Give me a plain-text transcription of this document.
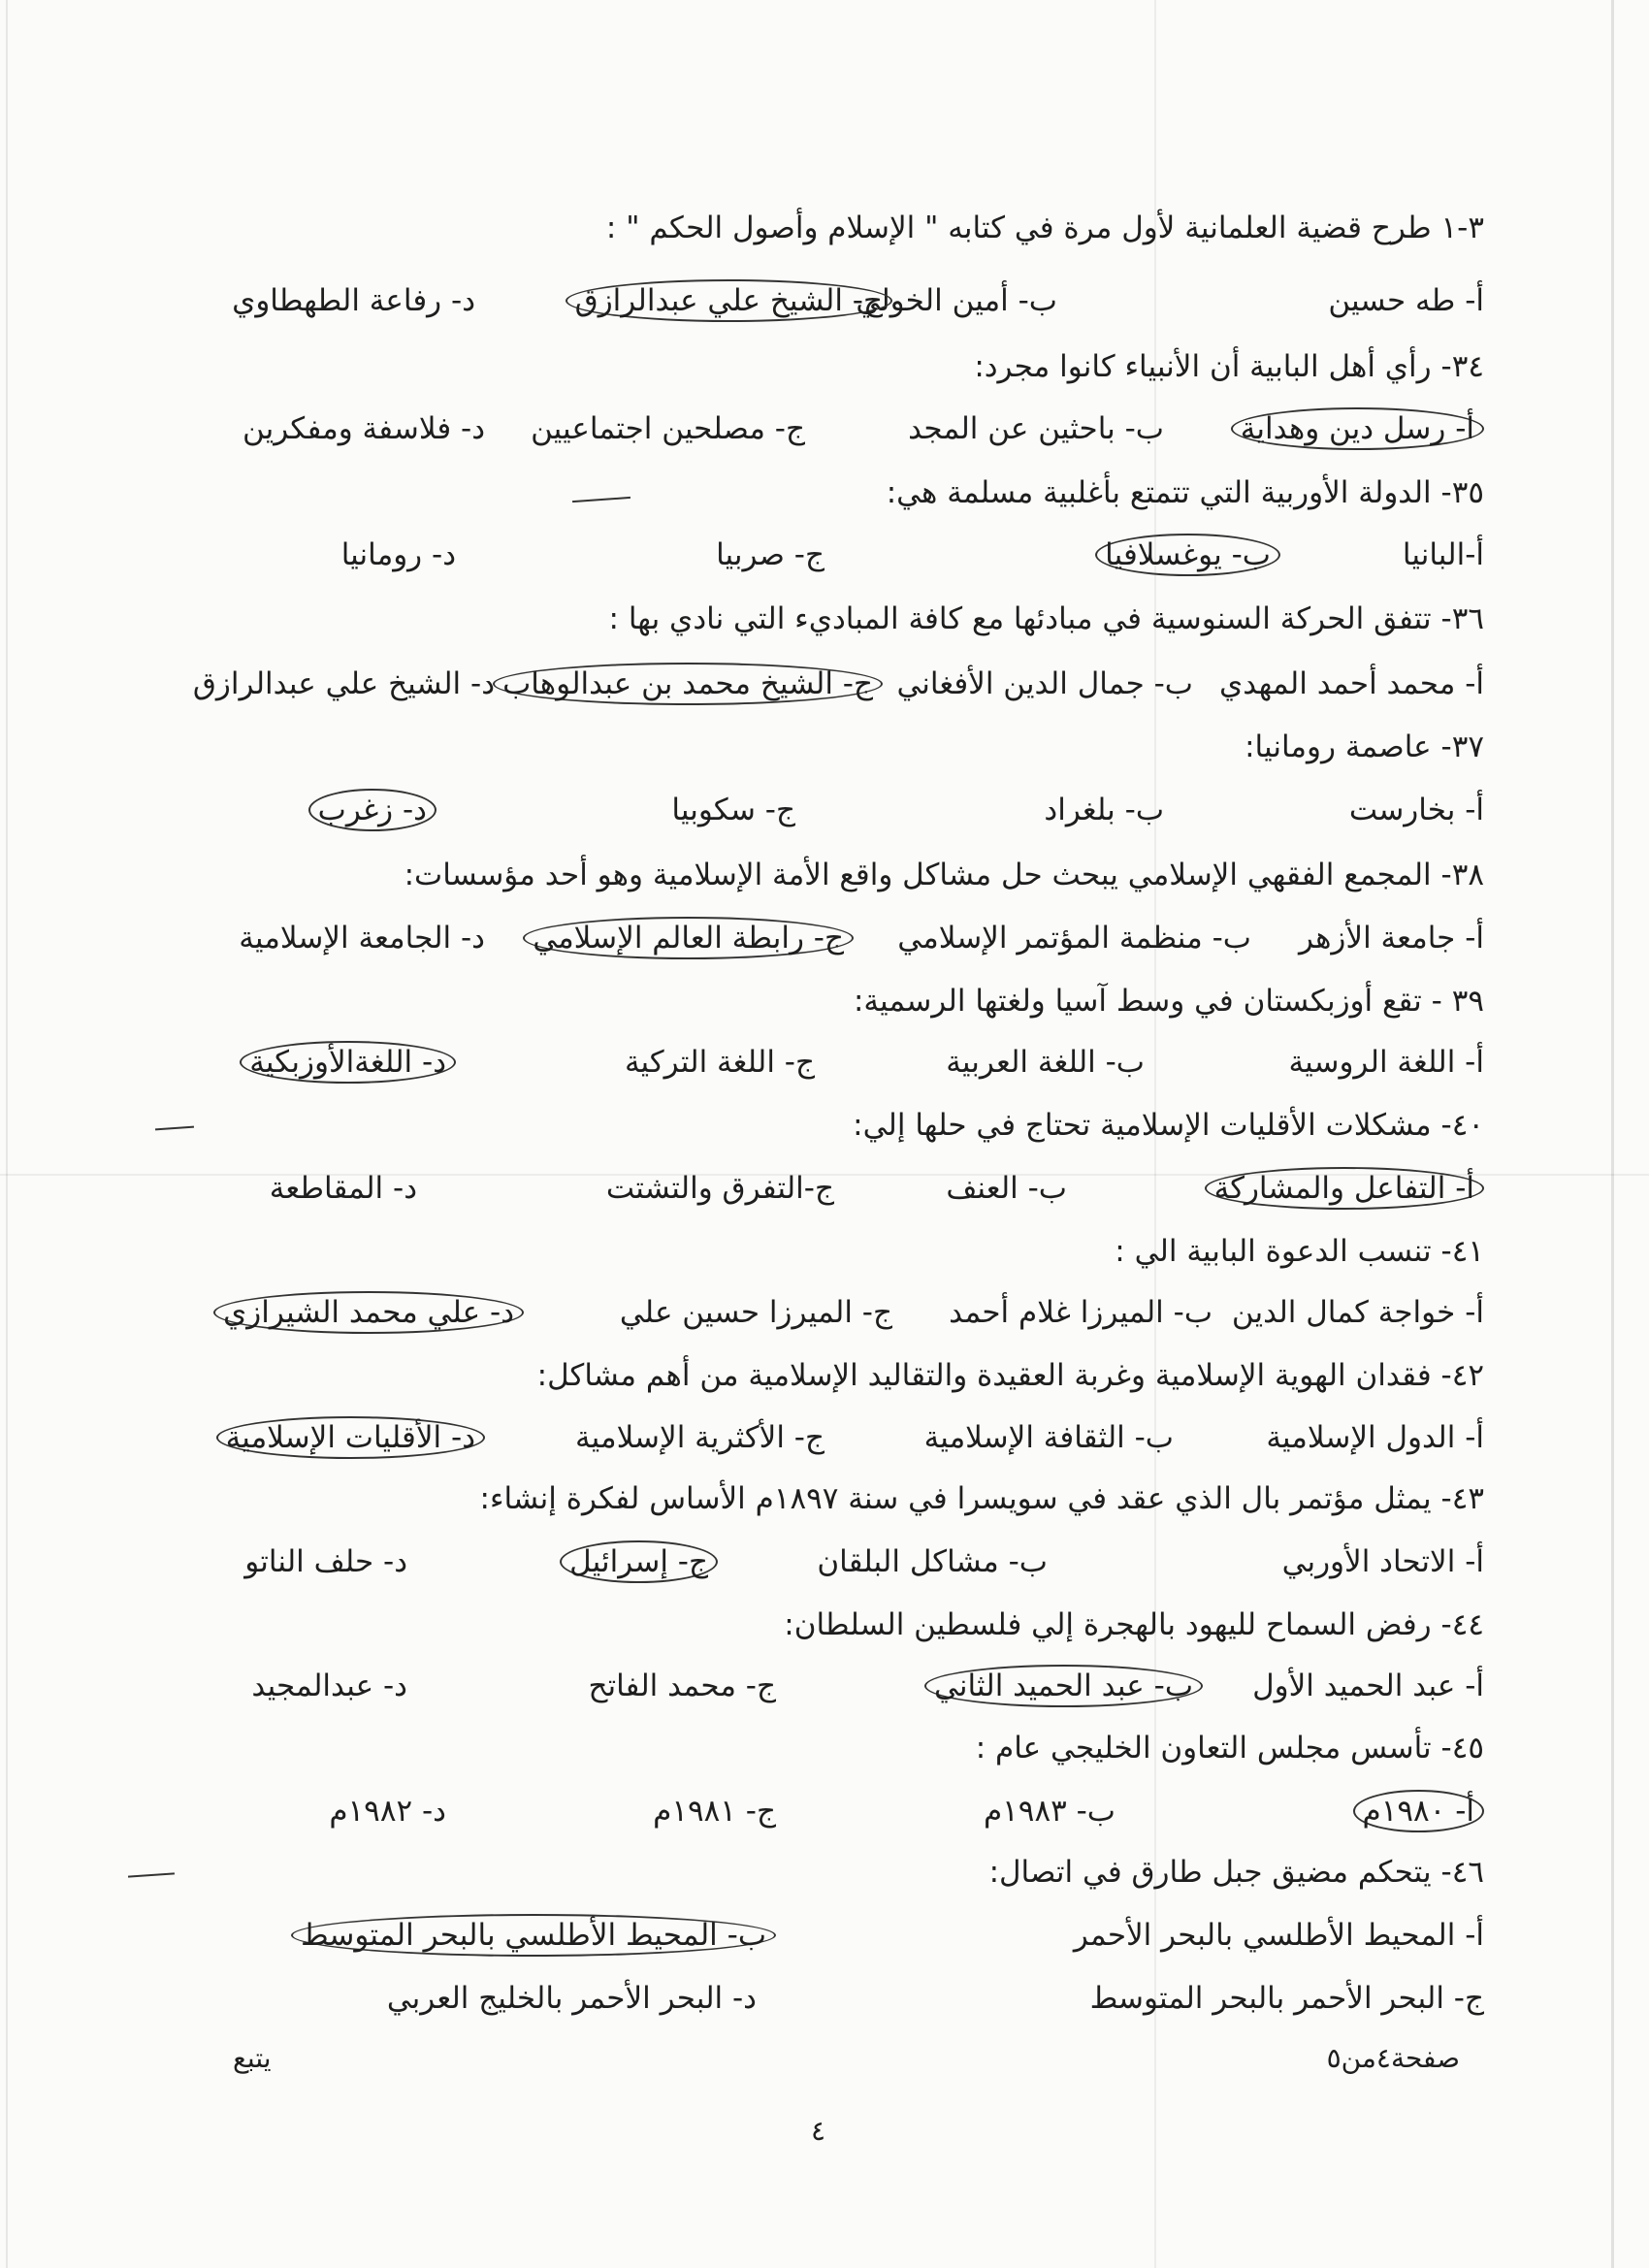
٣-١ طرح قضية العلمانية لأول مرة في كتابه " الإسلام وأصول الحكم " :
أ- طه حسين
ب- أمين الخولي
ج- الشيخ علي عبدالرازق
د- رفاعة الطهطاوي
٣٤- رأي أهل البابية أن الأنبياء كانوا مجرد:
أ- رسل دين وهداية
ب- باحثين عن المجد
ج- مصلحين اجتماعيين
د- فلاسفة ومفكرين
٣٥- الدولة الأوربية التي تتمتع بأغلبية مسلمة هي:
أ-البانيا
ب- يوغسلافيا
ج- صربيا
د- رومانيا
٣٦- تتفق الحركة السنوسية في مبادئها مع كافة المباديء التي نادي بها :
أ- محمد أحمد المهدي
ب- جمال الدين الأفغاني
ج- الشيخ محمد بن عبدالوهاب
د- الشيخ علي عبدالرازق
٣٧- عاصمة رومانيا:
أ- بخارست
ب- بلغراد
ج- سكوبيا
د- زغرب
٣٨- المجمع الفقهي الإسلامي يبحث حل مشاكل واقع الأمة الإسلامية وهو أحد مؤسسات:
أ- جامعة الأزهر
ب- منظمة المؤتمر الإسلامي
ج- رابطة العالم الإسلامي
د- الجامعة الإسلامية
٣٩ - تقع أوزبكستان في وسط آسيا ولغتها الرسمية:
أ- اللغة الروسية
ب- اللغة العربية
ج- اللغة التركية
د- اللغةالأوزبكية
٤٠- مشكلات الأقليات الإسلامية تحتاج في حلها إلي:
أ- التفاعل والمشاركة
ب- العنف
ج-التفرق والتشتت
د- المقاطعة
٤١- تنسب الدعوة البابية الي :
أ- خواجة كمال الدين
ب- الميرزا غلام أحمد
ج- الميرزا حسين علي
د- علي محمد الشيرازي
٤٢- فقدان الهوية الإسلامية وغربة العقيدة والتقاليد الإسلامية من أهم مشاكل:
أ- الدول الإسلامية
ب- الثقافة الإسلامية
ج- الأكثرية الإسلامية
د- الأقليات الإسلامية
٤٣- يمثل مؤتمر بال الذي عقد في سويسرا في سنة ١٨٩٧م الأساس لفكرة إنشاء:
أ- الاتحاد الأوربي
ب- مشاكل البلقان
ج- إسرائيل
د- حلف الناتو
٤٤- رفض السماح لليهود بالهجرة إلي فلسطين السلطان:
أ- عبد الحميد الأول
ب- عبد الحميد الثاني
ج- محمد الفاتح
د- عبدالمجيد
٤٥- تأسس مجلس التعاون الخليجي عام :
أ- ١٩٨٠م
ب- ١٩٨٣م
ج- ١٩٨١م
د- ١٩٨٢م
٤٦- يتحكم مضيق جبل طارق في اتصال:
أ- المحيط الأطلسي بالبحر الأحمر
ب- المحيط الأطلسي بالبحر المتوسط
ج- البحر الأحمر بالبحر المتوسط
د- البحر الأحمر بالخليج العربي
صفحة٤من٥
يتبع
٤
